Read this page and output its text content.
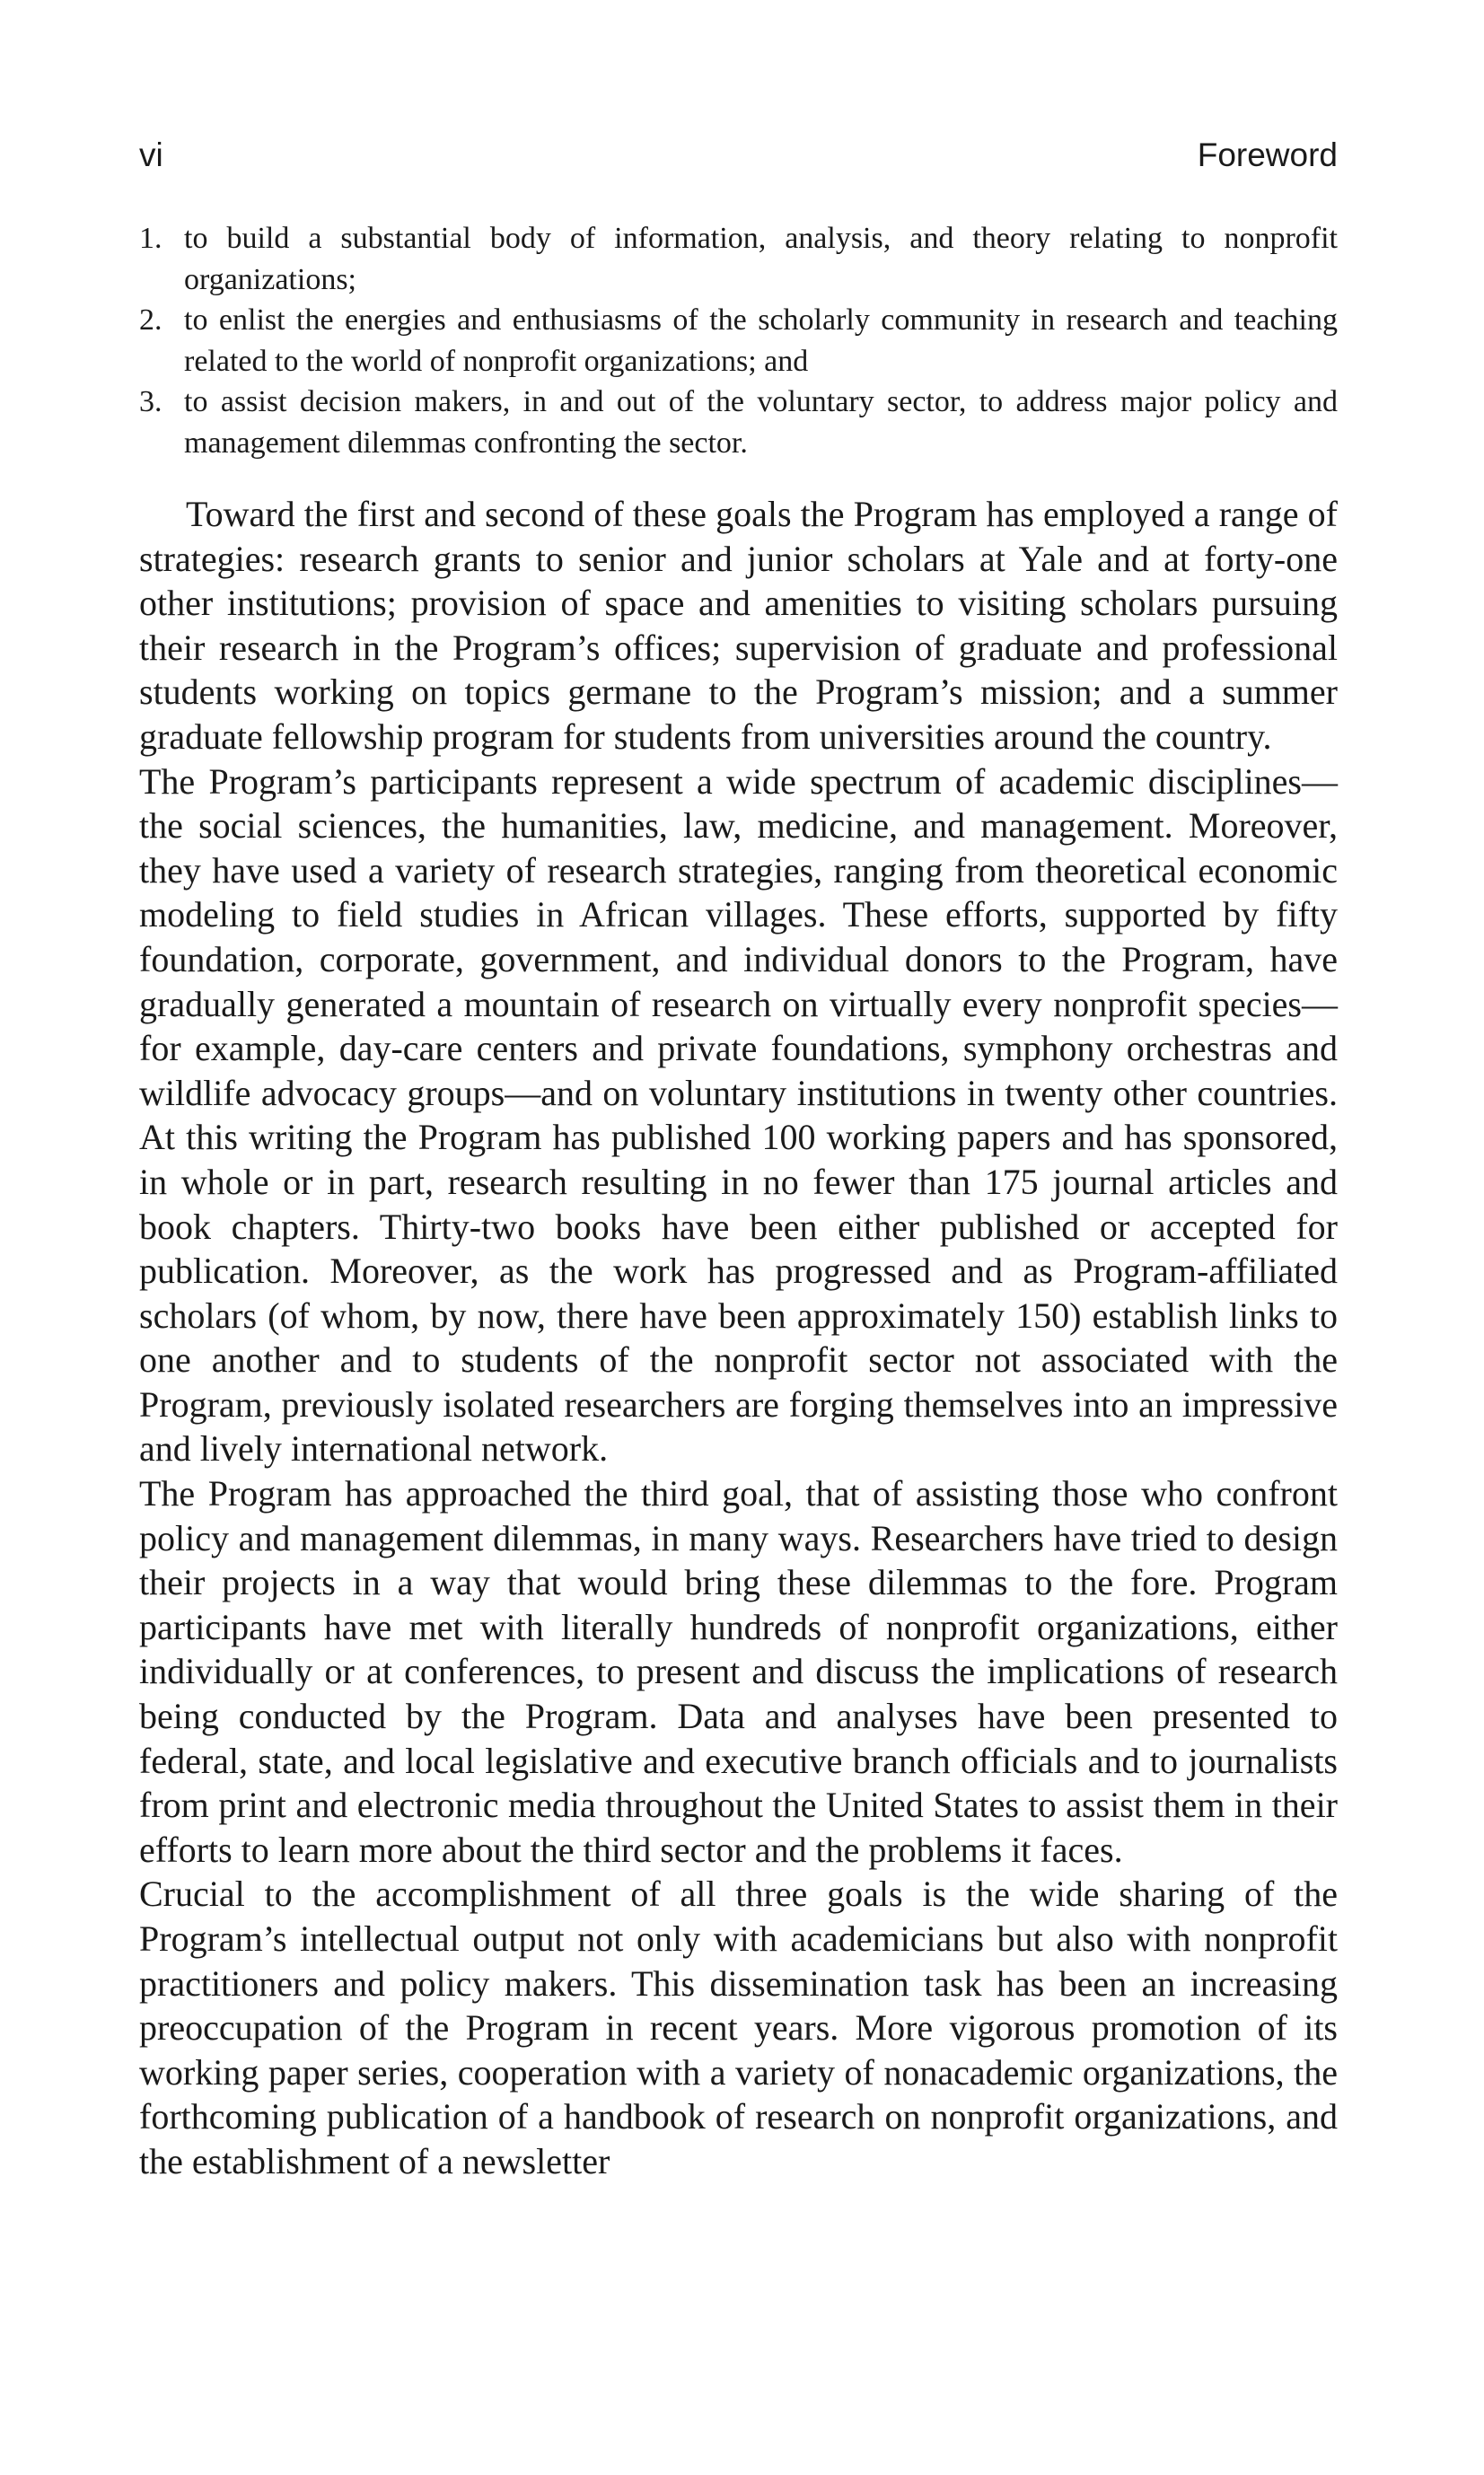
vi	Foreword
1. to build a substantial body of information, analysis, and theory relating to nonprofit organizations;
2. to enlist the energies and enthusiasms of the scholarly community in research and teaching related to the world of nonprofit organizations; and
3. to assist decision makers, in and out of the voluntary sector, to address major policy and management dilemmas confronting the sector.

Toward the first and second of these goals the Program has employed a range of strategies: research grants to senior and junior scholars at Yale and at forty-one other institutions; provision of space and amenities to visiting scholars pursuing their research in the Program’s offices; supervision of graduate and professional students working on topics germane to the Program’s mission; and a summer graduate fellowship program for students from universities around the country.

The Program’s participants represent a wide spectrum of academic disciplines—the social sciences, the humanities, law, medicine, and management. Moreover, they have used a variety of research strategies, ranging from theoretical economic modeling to field studies in African villages. These efforts, supported by fifty foundation, corporate, government, and individual donors to the Program, have gradually generated a mountain of research on virtually every nonprofit species—for example, day-care centers and private foundations, symphony orchestras and wildlife advocacy groups—and on voluntary institutions in twenty other countries. At this writing the Program has published 100 working papers and has sponsored, in whole or in part, research resulting in no fewer than 175 journal articles and book chapters. Thirty-two books have been either published or accepted for publication. Moreover, as the work has progressed and as Program-affiliated scholars (of whom, by now, there have been approximately 150) establish links to one another and to students of the nonprofit sector not associated with the Program, previously isolated researchers are forging themselves into an impressive and lively international network.

The Program has approached the third goal, that of assisting those who confront policy and management dilemmas, in many ways. Researchers have tried to design their projects in a way that would bring these dilemmas to the fore. Program participants have met with literally hundreds of nonprofit organizations, either individually or at conferences, to present and discuss the implications of research being conducted by the Program. Data and analyses have been presented to federal, state, and local legislative and executive branch officials and to journalists from print and electronic media throughout the United States to assist them in their efforts to learn more about the third sector and the problems it faces.

Crucial to the accomplishment of all three goals is the wide sharing of the Program’s intellectual output not only with academicians but also with nonprofit practitioners and policy makers. This dissemination task has been an increasing preoccupation of the Program in recent years. More vigorous promotion of its working paper series, cooperation with a variety of nonacademic organizations, the forthcoming publication of a handbook of research on nonprofit organizations, and the establishment of a newsletter
